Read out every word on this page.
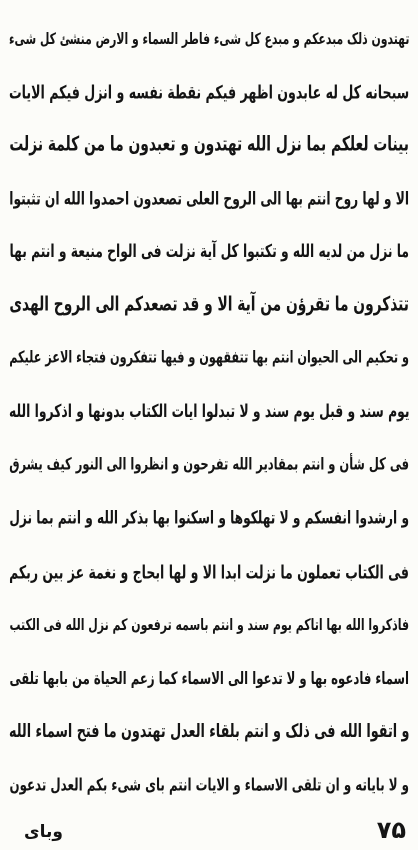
تهتدون ذلک مبدعکم و مبدع کل شیء فاطر السماء و الارض منشئ کل شیء
سبحانه کل له عابدون اظهر فیکم نقطة نفسه و انزل فیکم الایات
بینات لعلکم بما نزل الله تهتدون و تعبدون ما من کلمة نزلت
الا و لها روح انتم بها الی الروح العلی تصعدون احمدوا الله ان تثبتوا
ما نزل من لدیه الله و تکتبوا کل آیة نزلت فی الواح منیعة و انتم بها
تتذکرون ما تقرؤن من آیة الا و قد تصعدکم الی الروح الهدی
و تحکیم الی الحیوان انتم بها تتفقهون و فیها تتفکرون فتجاء الاعز علیکم
یوم سند و قبل یوم سند و لا تبدلوا ایات الکتاب بدونها و اذکروا الله
فی کل شأن و انتم بمقادیر الله تفرحون و انظروا الی النور کیف یشرق
و ارشدوا انفسکم و لا تهلکوها و اسکنوا بها بذکر الله و انتم بما نزل
فی الکتاب تعملون ما نزلت ابدا الا و لها ابحاج و نغمة عز بین ربکم
فاذکروا الله بها اتاکم یوم سند و انتم باسمه ترفعون کم نزل الله فی الکتب
اسماء فادعوه بها و لا تدعوا الی الاسماء کما زعم الحیاة من بابها تلقی
و اتقوا الله فی ذلک و انتم بلقاء العدل تهتدون ما فتح اسماء الله
و لا بایاته و ان تلقی الاسماء و الایات انتم بای شیء بکم العدل تدعون
وبای	۷۵
